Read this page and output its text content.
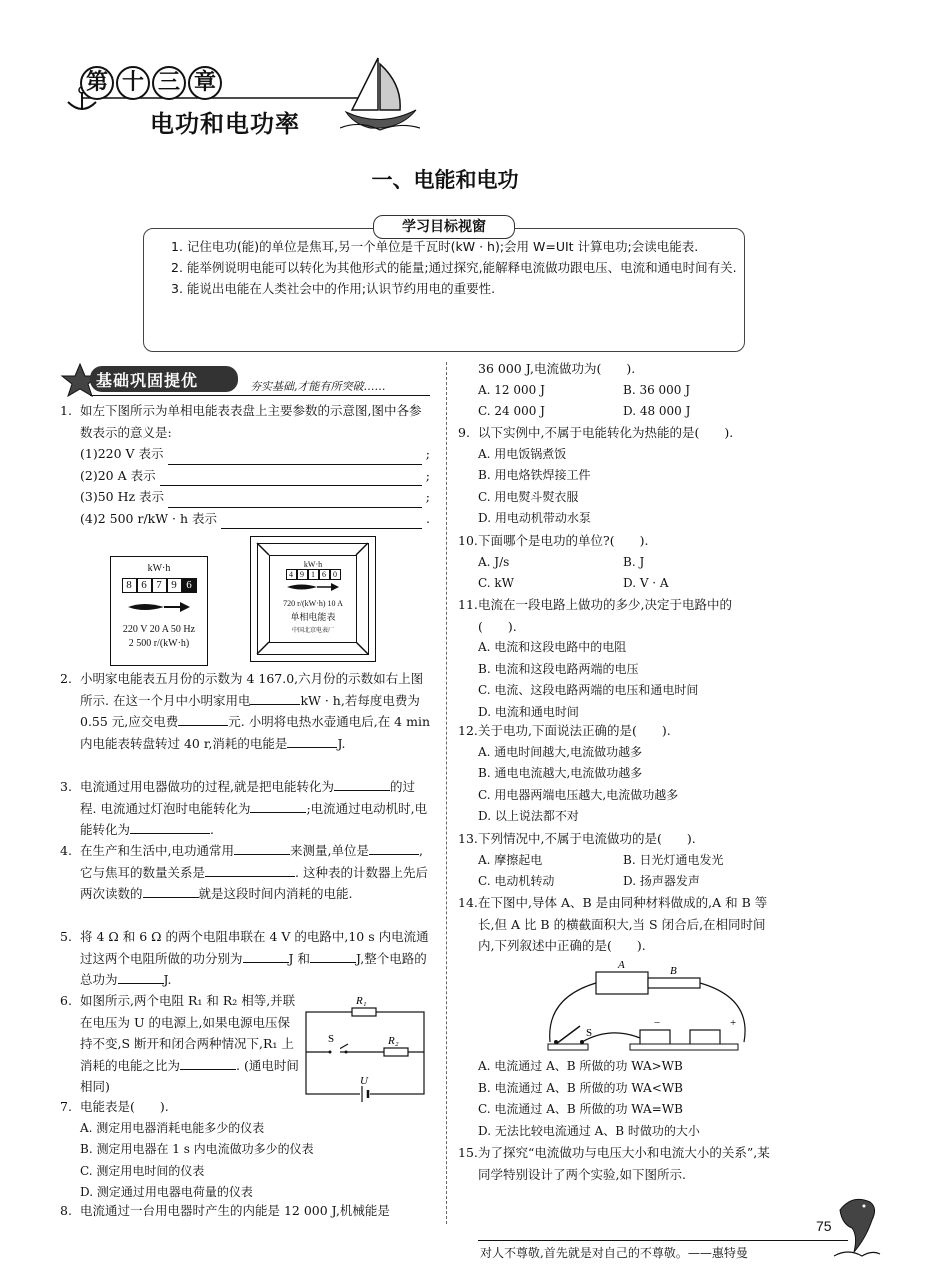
第 十 三 章
电功和电功率
一、电能和电功
学习目标视窗
1. 记住电功(能)的单位是焦耳,另一个单位是千瓦时(kW · h);会用 W=UIt 计算电功;会读电能表.
2. 能举例说明电能可以转化为其他形式的能量;通过探究,能解释电流做功跟电压、电流和通电时间有关.
3. 能说出电能在人类社会中的作用;认识节约用电的重要性.
基础巩固提优	夯实基础,才能有所突破……
1. 如左下图所示为单相电能表表盘上主要参数的示意图,图中各参数表示的意义是:
(1)220 V 表示	;
(2)20 A 表示	;
(3)50 Hz 表示	;
(4)2 500 r/kW · h 表示	.
kW·h
8 6 7 9 6
220 V 20 A 50 Hz
2 500 r/(kW·h)
kW·h
4 9 1 6 0
720 r/(kW·h) 10 A
单相电能表
中国北京电表厂
2. 小明家电能表五月份的示数为 4 167.0,六月份的示数如右上图所示. 在这一个月中小明家用电	kW · h,若每度电费为 0.55 元,应交电费	元. 小明将电热水壶通电后,在 4 min 内电能表转盘转过 40 r,消耗的电能是	J.
3. 电流通过用电器做功的过程,就是把电能转化为	的过程. 电流通过灯泡时电能转化为	;电流通过电动机时,电能转化为	.
4. 在生产和生活中,电功通常用	来测量,单位是	,它与焦耳的数量关系是	. 这种表的计数器上先后两次读数的	就是这段时间内消耗的电能.
5. 将 4 Ω 和 6 Ω 的两个电阻串联在 4 V 的电路中,10 s 内电流通过这两个电阻所做的功分别为	J 和	J,整个电路的总功为	J.
6. 如图所示,两个电阻 R₁ 和 R₂ 相等,并联在电压为 U 的电源上,如果电源电压保持不变,S 断开和闭合两种情况下,R₁ 上消耗的电能之比为	. (通电时间相同)
R₁
R₂
S
U
7. 电能表是(　　).
A. 测定用电器消耗电能多少的仪表
B. 测定用电器在 1 s 内电流做功多少的仪表
C. 测定用电时间的仪表
D. 测定通过用电器电荷量的仪表
8. 电流通过一台用电器时产生的内能是 12 000 J,机械能是
36 000 J,电流做功为(　　).
A. 12 000 J	B. 36 000 J
C. 24 000 J	D. 48 000 J
9. 以下实例中,不属于电能转化为热能的是(　　).
A. 用电饭锅煮饭
B. 用电烙铁焊接工件
C. 用电熨斗熨衣服
D. 用电动机带动水泵
10. 下面哪个是电功的单位?(　　).
A. J/s	B. J
C. kW	D. V · A
11. 电流在一段电路上做功的多少,决定于电路中的(　　).
A. 电流和这段电路中的电阻
B. 电流和这段电路两端的电压
C. 电流、这段电路两端的电压和通电时间
D. 电流和通电时间
12. 关于电功,下面说法正确的是(　　).
A. 通电时间越大,电流做功越多
B. 通电电流越大,电流做功越多
C. 用电器两端电压越大,电流做功越多
D. 以上说法都不对
13. 下列情况中,不属于电流做功的是(　　).
A. 摩擦起电	B. 日光灯通电发光
C. 电动机转动	D. 扬声器发声
14. 在下图中,导体 A、B 是由同种材料做成的,A 和 B 等长,但 A 比 B 的横截面积大,当 S 闭合后,在相同时间内,下列叙述中正确的是(　　).
A	B
S
−	+
A. 电流通过 A、B 所做的功 WA>WB
B. 电流通过 A、B 所做的功 WA<WB
C. 电流通过 A、B 所做的功 WA=WB
D. 无法比较电流通过 A、B 时做功的大小
15. 为了探究“电流做功与电压大小和电流大小的关系”,某同学特别设计了两个实验,如下图所示.
对人不尊敬,首先就是对自己的不尊敬。——惠特曼
75
